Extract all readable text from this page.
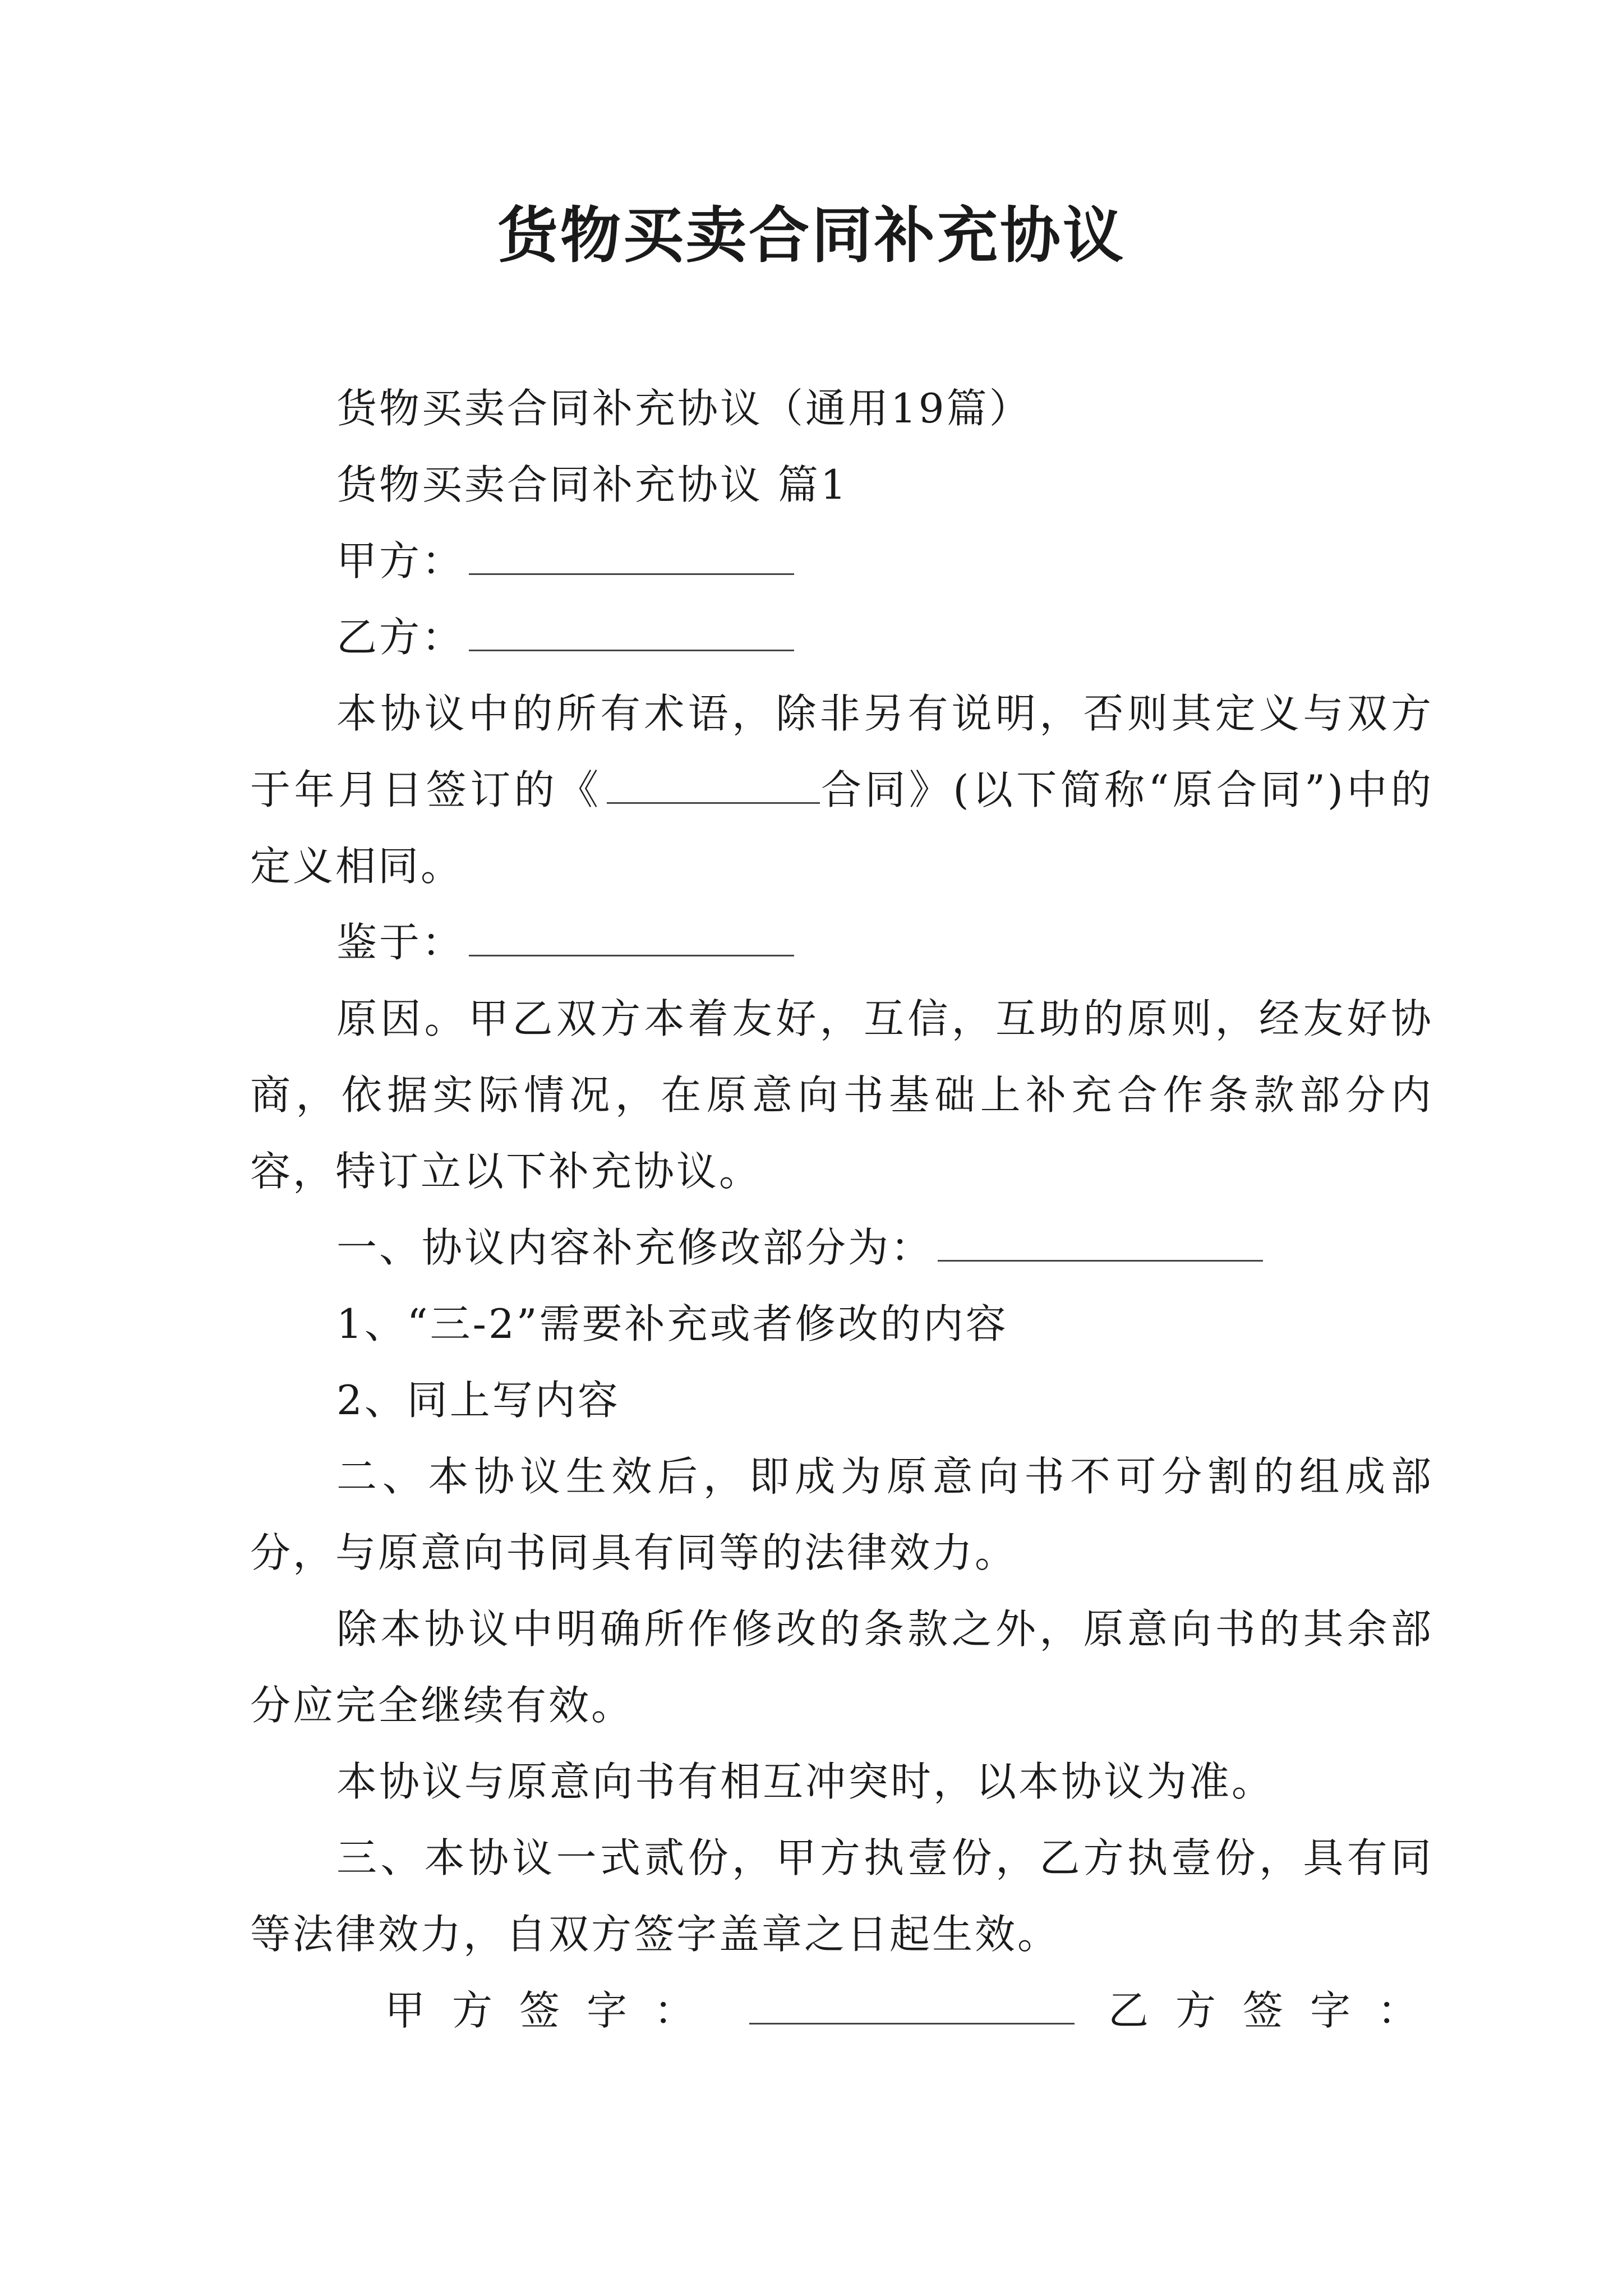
货物买卖合同补充协议

货物买卖合同补充协议（通用19篇）

货物买卖合同补充协议 篇1

甲方：

乙方：

本协议中的所有术语，除非另有说明，否则其定义与双方于年月日签订的《	合同》(以下简称“原合同”)中的定义相同。

鉴于：

原因。甲乙双方本着友好，互信，互助的原则，经友好协商，依据实际情况，在原意向书基础上补充合作条款部分内容，特订立以下补充协议。

一、协议内容补充修改部分为：

1、“三-2”需要补充或者修改的内容

2、同上写内容

二、本协议生效后，即成为原意向书不可分割的组成部分，与原意向书同具有同等的法律效力。

除本协议中明确所作修改的条款之外，原意向书的其余部分应完全继续有效。

本协议与原意向书有相互冲突时，以本协议为准。

三、本协议一式贰份，甲方执壹份，乙方执壹份，具有同等法律效力，自双方签字盖章之日起生效。

甲方签字：	乙方签字：
